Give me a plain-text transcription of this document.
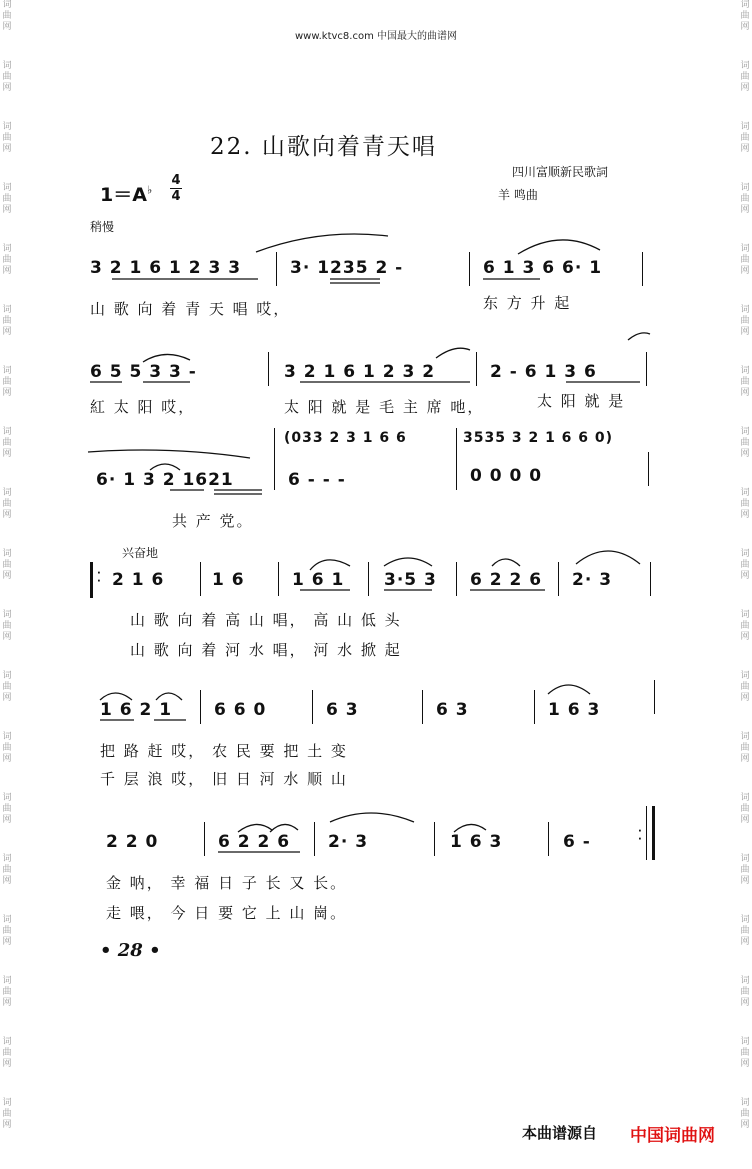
词
曲
网
词
曲
网
词
曲
网
词
曲
网
词
曲
网
词
曲
网
词
曲
网
词
曲
网
词
曲
网
词
曲
网
词
曲
网
词
曲
网
词
曲
网
词
曲
网
词
曲
网
词
曲
网
词
曲
网
词
曲
网
词
曲
网
词
曲
网
词
曲
网
词
曲
网
词
曲
网
词
曲
网
词
曲
网
词
曲
网
词
曲
网
词
曲
网
词
曲
网
词
曲
网
词
曲
网
词
曲
网
词
曲
网
词
曲
网
词
曲
网
词
曲
网
词
曲
网
词
曲
网
www.ktvc8.com 中国最大的曲谱网
22. 山歌向着青天唱
四川富顺新民歌詞
羊 鸣曲
1＝A♭
4
4
稍慢
3 2 1 6 1 2 3 3	3· 1235 2 -	6 1 3 6 6· 1
山 歌 向 着 青 天 唱 哎，	东 方 升 起
6 5 5 3 3 -	3 2 1 6 1 2 3 2	2 - 6 1 3 6
紅 太 阳 哎，	太 阳 就 是 毛 主 席 吔，	太 阳 就 是
(033 2 3 1 6 6	3535 3 2 1 6 6 0)
6· 1 3 2 1621	6 - - -	0 0 0 0
共 产 党。
兴奋地
·
· 2 1 6	1 6	1 6 1 3·5 3 6 2 2 6 2· 3
山 歌 向 着 高 山 唱， 高 山 低 头
山 歌 向 着 河 水 唱， 河 水 掀 起
1 6 2 1 6 6 0	6 3	6 3	1 6 3
把 路 赶 哎， 农 民 要 把 土 变
千 层 浪 哎， 旧 日 河 水 顺 山
2 2 0	6 2 2 6 2· 3	1 6 3	6 -
金 呐， 幸 福 日 子 长 又 长。
走 喂， 今 日 要 它 上 山 崗。
·
·
• 28 •
本曲谱源自 中国词曲网
